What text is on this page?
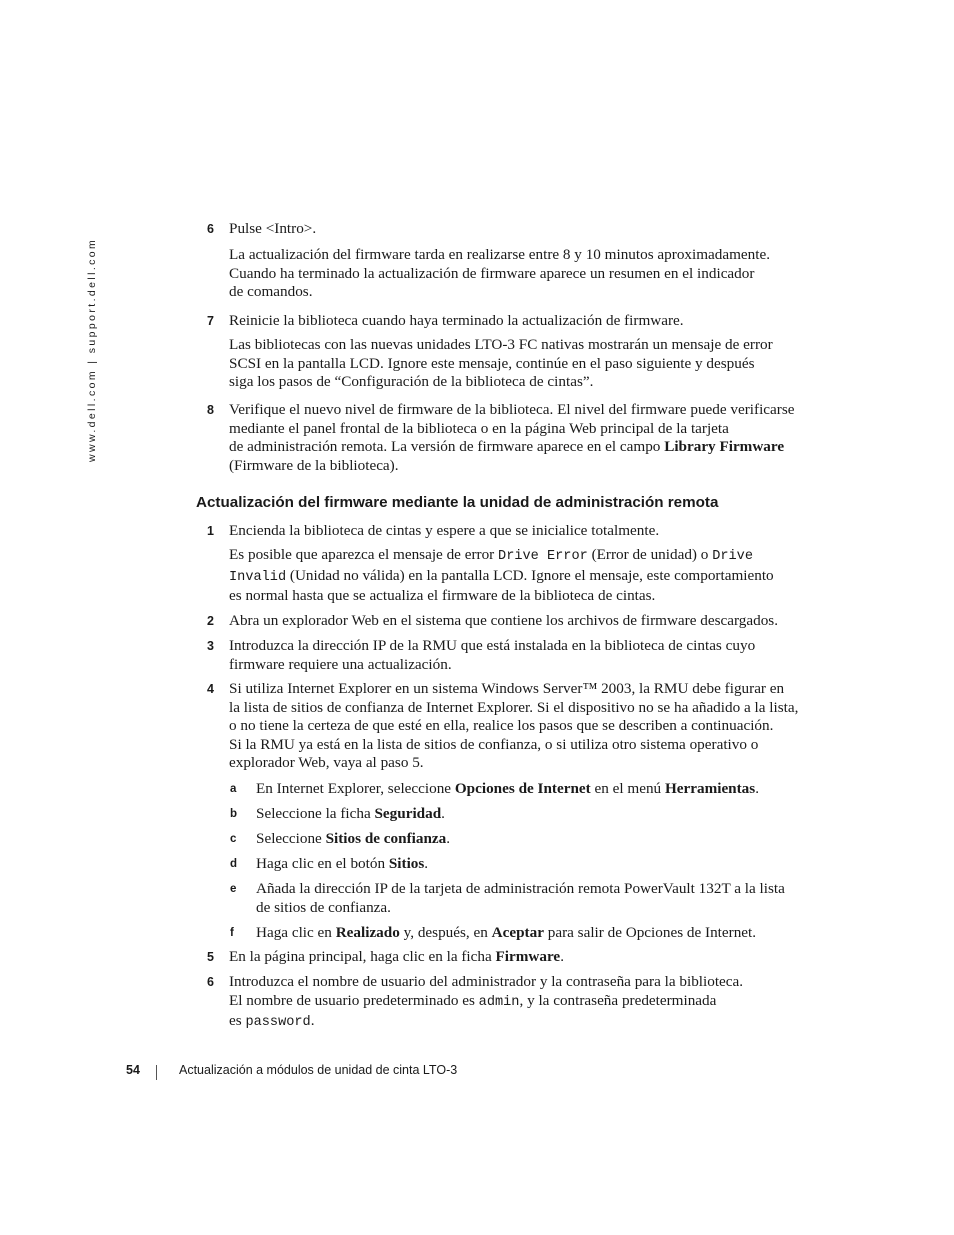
www.dell.com | support.dell.com
6 Pulse <Intro>.

La actualización del firmware tarda en realizarse entre 8 y 10 minutos aproximadamente.
Cuando ha terminado la actualización de firmware aparece un resumen en el indicador
de comandos.

7 Reinicie la biblioteca cuando haya terminado la actualización de firmware.

Las bibliotecas con las nuevas unidades LTO-3 FC nativas mostrarán un mensaje de error
SCSI en la pantalla LCD. Ignore este mensaje, continúe en el paso siguiente y después
siga los pasos de “Configuración de la biblioteca de cintas”.

8 Verifique el nuevo nivel de firmware de la biblioteca. El nivel del firmware puede verificarse
mediante el panel frontal de la biblioteca o en la página Web principal de la tarjeta
de administración remota. La versión de firmware aparece en el campo Library Firmware
(Firmware de la biblioteca).

Actualización del firmware mediante la unidad de administración remota
1 Encienda la biblioteca de cintas y espere a que se inicialice totalmente.

Es posible que aparezca el mensaje de error Drive Error (Error de unidad) o Drive
Invalid (Unidad no válida) en la pantalla LCD. Ignore el mensaje, este comportamiento
es normal hasta que se actualiza el firmware de la biblioteca de cintas.

2 Abra un explorador Web en el sistema que contiene los archivos de firmware descargados.

3 Introduzca la dirección IP de la RMU que está instalada en la biblioteca de cintas cuyo
firmware requiere una actualización.

4 Si utiliza Internet Explorer en un sistema Windows Server™ 2003, la RMU debe figurar en
la lista de sitios de confianza de Internet Explorer. Si el dispositivo no se ha añadido a la lista,
o no tiene la certeza de que esté en ella, realice los pasos que se describen a continuación.
Si la RMU ya está en la lista de sitios de confianza, o si utiliza otro sistema operativo o
explorador Web, vaya al paso 5.

a En Internet Explorer, seleccione Opciones de Internet en el menú Herramientas.

b Seleccione la ficha Seguridad.

c Seleccione Sitios de confianza.

d Haga clic en el botón Sitios.

e Añada la dirección IP de la tarjeta de administración remota PowerVault 132T a la lista
de sitios de confianza.

f Haga clic en Realizado y, después, en Aceptar para salir de Opciones de Internet.

5 En la página principal, haga clic en la ficha Firmware.

6 Introduzca el nombre de usuario del administrador y la contraseña para la biblioteca.
El nombre de usuario predeterminado es admin, y la contraseña predeterminada
es password.

54	Actualización a módulos de unidad de cinta LTO-3
